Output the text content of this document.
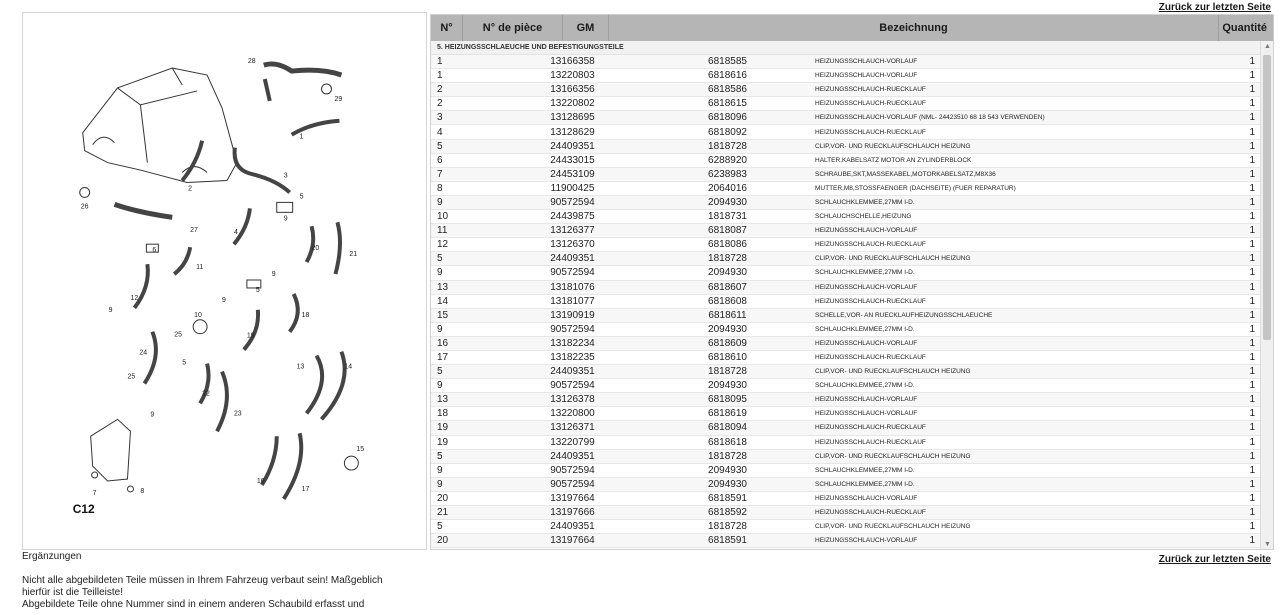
Zurück zur letzten Seite
28
29
1
2
3
26
27	4
5
20
21
11
6
9
12
18
10
19
25
24
13	14
22
23
16
17
15
7	8
5
9
9
9
25
5
9
C12
Ergänzungen
Nicht alle abgebildeten Teile müssen in Ihrem Fahrzeug verbaut sein! Maßgeblich
hierfür ist die Teilleiste!
Abgebildete Teile ohne Nummer sind in einem anderen Schaubild erfasst und
N°	N° de pièce	GM	Bezeichnung	Quantité
5. HEIZUNGSSCHLAEUCHE UND BEFESTIGUNGSTEILE
1	13166358	6818585	HEIZUNGSSCHLAUCH-VORLAUF	1
1	13220803	6818616	HEIZUNGSSCHLAUCH-VORLAUF	1
2	13166356	6818586	HEIZUNGSSCHLAUCH-RUECKLAUF	1
2	13220802	6818615	HEIZUNGSSCHLAUCH-RUECKLAUF	1
3	13128695	6818096	HEIZUNGSSCHLAUCH-VORLAUF (NML- 24423510 68 18 543 VERWENDEN)	1
4	13128629	6818092	HEIZUNGSSCHLAUCH-RUECKLAUF	1
5	24409351	1818728	CLIP,VOR- UND RUECKLAUFSCHLAUCH HEIZUNG	1
6	24433015	6288920	HALTER,KABELSATZ MOTOR AN ZYLINDERBLOCK	1
7	24453109	6238983	SCHRAUBE,SKT,MASSEKABEL,MOTORKABELSATZ,M8X36	1
8	11900425	2064016	MUTTER,M8,STOSSFAENGER (DACHSEITE) (FUER REPARATUR)	1
9	90572594	2094930	SCHLAUCHKLEMMEE,27MM I-D.	1
10	24439875	1818731	SCHLAUCHSCHELLE,HEIZUNG	1
11	13126377	6818087	HEIZUNGSSCHLAUCH-VORLAUF	1
12	13126370	6818086	HEIZUNGSSCHLAUCH-RUECKLAUF	1
5	24409351	1818728	CLIP,VOR- UND RUECKLAUFSCHLAUCH HEIZUNG	1
9	90572594	2094930	SCHLAUCHKLEMMEE,27MM I-D.	1
13	13181076	6818607	HEIZUNGSSCHLAUCH-VORLAUF	1
14	13181077	6818608	HEIZUNGSSCHLAUCH-RUECKLAUF	1
15	13190919	6818611	SCHELLE,VOR- AN RUECKLAUFHEIZUNGSSCHLAEUCHE	1
9	90572594	2094930	SCHLAUCHKLEMMEE,27MM I-D.	1
16	13182234	6818609	HEIZUNGSSCHLAUCH-VORLAUF	1
17	13182235	6818610	HEIZUNGSSCHLAUCH-RUECKLAUF	1
5	24409351	1818728	CLIP,VOR- UND RUECKLAUFSCHLAUCH HEIZUNG	1
9	90572594	2094930	SCHLAUCHKLEMMEE,27MM I-D.	1
13	13126378	6818095	HEIZUNGSSCHLAUCH-VORLAUF	1
18	13220800	6818619	HEIZUNGSSCHLAUCH-VORLAUF	1
19	13126371	6818094	HEIZUNGSSCHLAUCH-RUECKLAUF	1
19	13220799	6818618	HEIZUNGSSCHLAUCH-RUECKLAUF	1
5	24409351	1818728	CLIP,VOR- UND RUECKLAUFSCHLAUCH HEIZUNG	1
9	90572594	2094930	SCHLAUCHKLEMMEE,27MM I-D.	1
9	90572594	2094930	SCHLAUCHKLEMMEE,27MM I-D.	1
20	13197664	6818591	HEIZUNGSSCHLAUCH-VORLAUF	1
21	13197666	6818592	HEIZUNGSSCHLAUCH-RUECKLAUF	1
5	24409351	1818728	CLIP,VOR- UND RUECKLAUFSCHLAUCH HEIZUNG	1
20	13197664	6818591	HEIZUNGSSCHLAUCH-VORLAUF	1
▲
▼
Zurück zur letzten Seite
